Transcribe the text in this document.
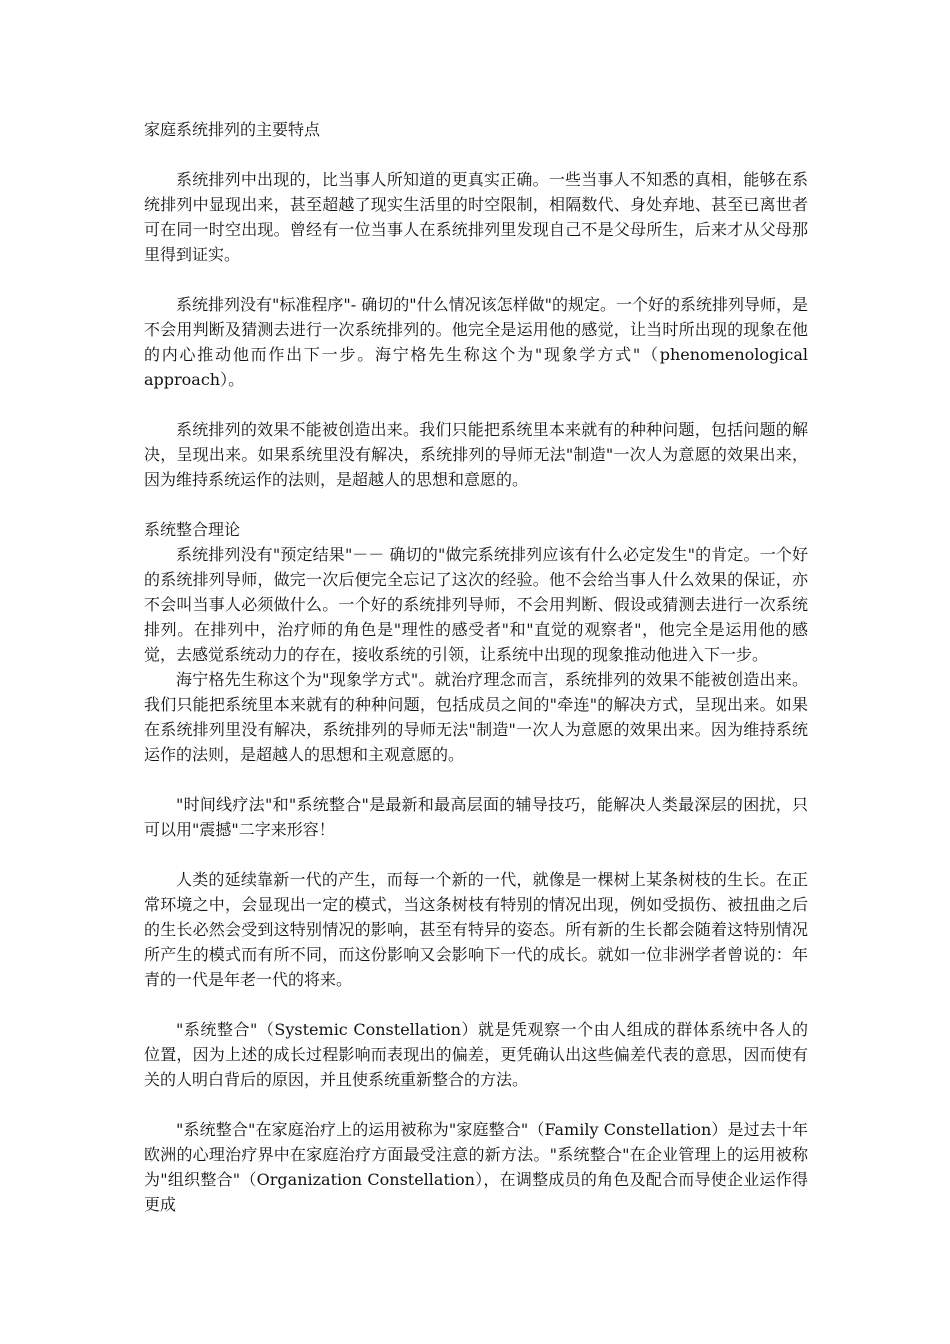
家庭系统排列的主要特点

系统排列中出现的，比当事人所知道的更真实正确。一些当事人不知悉的真相，能够在系统排列中显现出来，甚至超越了现实生活里的时空限制，相隔数代、身处弃地、甚至已离世者可在同一时空出现。曾经有一位当事人在系统排列里发现自己不是父母所生，后来才从父母那里得到证实。

系统排列没有"标准程序"- 确切的"什么情况该怎样做"的规定。一个好的系统排列导师，是不会用判断及猜测去进行一次系统排列的。他完全是运用他的感觉，让当时所出现的现象在他的内心推动他而作出下一步。海宁格先生称这个为"现象学方式"（phenomenological approach）。

系统排列的效果不能被创造出来。我们只能把系统里本来就有的种种问题，包括问题的解决，呈现出来。如果系统里没有解决，系统排列的导师无法"制造"一次人为意愿的效果出来，因为维持系统运作的法则，是超越人的思想和意愿的。

系统整合理论

系统排列没有"预定结果"－－ 确切的"做完系统排列应该有什么必定发生"的肯定。一个好的系统排列导师，做完一次后便完全忘记了这次的经验。他不会给当事人什么效果的保证，亦不会叫当事人必须做什么。一个好的系统排列导师，不会用判断、假设或猜测去进行一次系统排列。在排列中，治疗师的角色是"理性的感受者"和"直觉的观察者"，他完全是运用他的感觉，去感觉系统动力的存在，接收系统的引领，让系统中出现的现象推动他进入下一步。

海宁格先生称这个为"现象学方式"。就治疗理念而言，系统排列的效果不能被创造出来。我们只能把系统里本来就有的种种问题，包括成员之间的"牵连"的解决方式，呈现出来。如果在系统排列里没有解决，系统排列的导师无法"制造"一次人为意愿的效果出来。因为维持系统运作的法则，是超越人的思想和主观意愿的。

"时间线疗法"和"系统整合"是最新和最高层面的辅导技巧，能解决人类最深层的困扰，只可以用"震撼"二字来形容！

人类的延续靠新一代的产生，而每一个新的一代，就像是一棵树上某条树枝的生长。在正常环境之中，会显现出一定的模式，当这条树枝有特别的情况出现，例如受损伤、被扭曲之后的生长必然会受到这特别情况的影响，甚至有特异的姿态。所有新的生长都会随着这特别情况所产生的模式而有所不同，而这份影响又会影响下一代的成长。就如一位非洲学者曾说的：年青的一代是年老一代的将来。

"系统整合"（Systemic Constellation）就是凭观察一个由人组成的群体系统中各人的位置，因为上述的成长过程影响而表现出的偏差，更凭确认出这些偏差代表的意思，因而使有关的人明白背后的原因，并且使系统重新整合的方法。

"系统整合"在家庭治疗上的运用被称为"家庭整合"（Family Constellation）是过去十年欧洲的心理治疗界中在家庭治疗方面最受注意的新方法。"系统整合"在企业管理上的运用被称为"组织整合"（Organization Constellation），在调整成员的角色及配合而导使企业运作得更成
